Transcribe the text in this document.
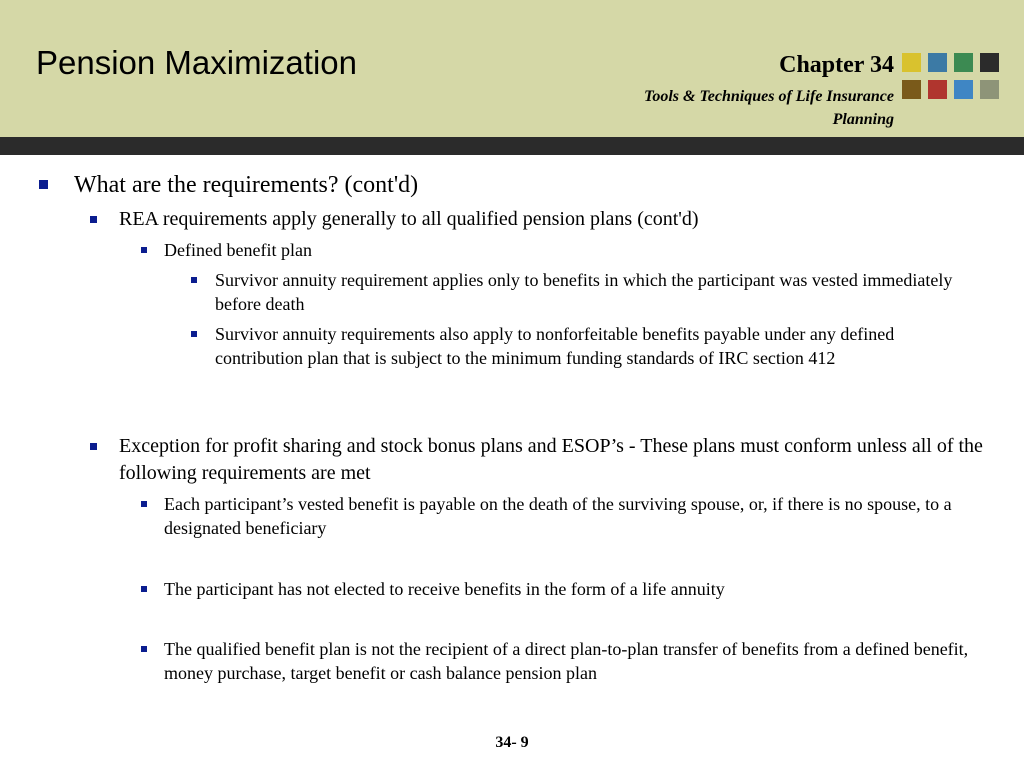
Pension Maximization	Chapter 34
Tools & Techniques of Life Insurance Planning
What are the requirements? (cont'd)
REA requirements apply generally to all qualified pension plans (cont'd)
Defined benefit plan
Survivor annuity requirement applies only to benefits in which the participant was vested immediately before death
Survivor annuity requirements also apply to nonforfeitable benefits payable under any defined contribution plan that is subject to the minimum funding standards of IRC section 412
Exception for profit sharing and stock bonus plans and ESOP’s - These plans must conform unless all of the following requirements are met
Each participant’s vested benefit is payable on the death of the surviving spouse, or, if there is no spouse, to a designated beneficiary
The participant has not elected to receive benefits in the form of a life annuity
The qualified benefit plan is not the recipient of a direct plan-to-plan transfer of benefits from a defined benefit, money purchase, target benefit or cash balance pension plan
34- 9
